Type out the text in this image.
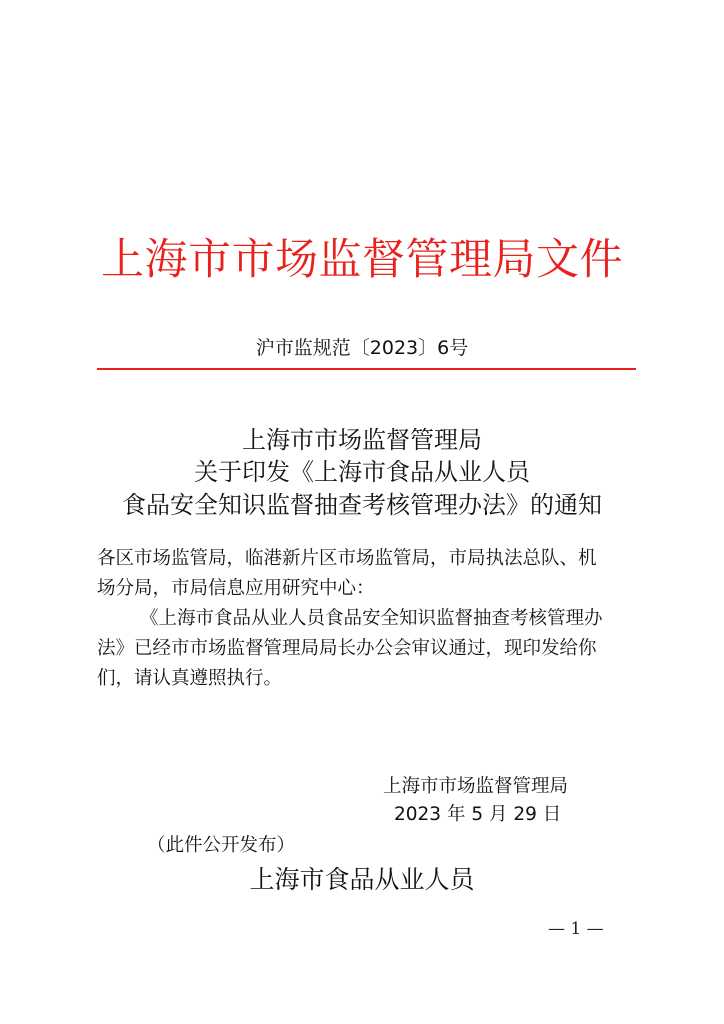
上海市市场监督管理局文件
沪市监规范〔2023〕6号
上海市市场监督管理局
关于印发《上海市食品从业人员
食品安全知识监督抽查考核管理办法》的通知
各区市场监管局，临港新片区市场监管局，市局执法总队、机
场分局，市局信息应用研究中心：
《上海市食品从业人员食品安全知识监督抽查考核管理办
法》已经市市场监督管理局局长办公会审议通过，现印发给你
们，请认真遵照执行。
上海市市场监督管理局
2023 年 5 月 29 日
（此件公开发布）
上海市食品从业人员
— 1 —
